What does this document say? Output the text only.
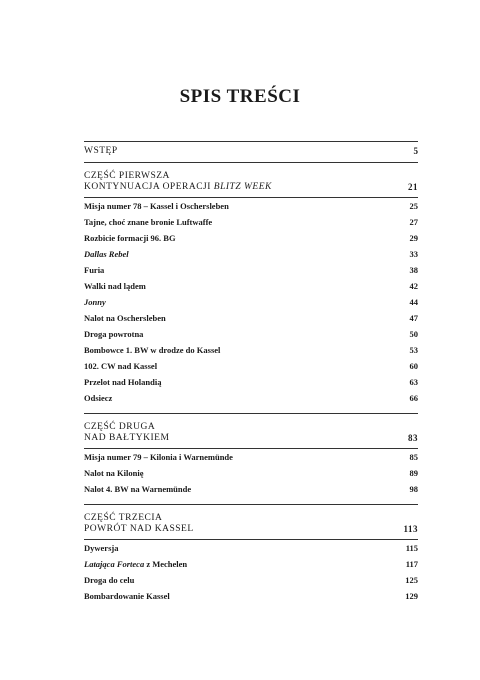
SPIS TREŚCI
WSTĘP	5
CZĘŚĆ PIERWSZA
KONTYNUACJA OPERACJI BLITZ WEEK	21
Misja numer 78 – Kassel i Oschersleben	25
Tajne, choć znane bronie Luftwaffe	27
Rozbicie formacji 96. BG	29
Dallas Rebel	33
Furia	38
Walki nad lądem	42
Jonny	44
Nalot na Oschersleben	47
Droga powrotna	50
Bombowce 1. BW w drodze do Kassel	53
102. CW nad Kassel	60
Przelot nad Holandią	63
Odsiecz	66
CZĘŚĆ DRUGA
NAD BAŁTYKIEM	83
Misja numer 79 – Kilonia i Warnemünde	85
Nalot na Kilonię	89
Nalot 4. BW na Warnemünde	98
CZĘŚĆ TRZECIA
POWRÓT NAD KASSEL	113
Dywersja	115
Latająca Forteca z Mechelen	117
Droga do celu	125
Bombardowanie Kassel	129
